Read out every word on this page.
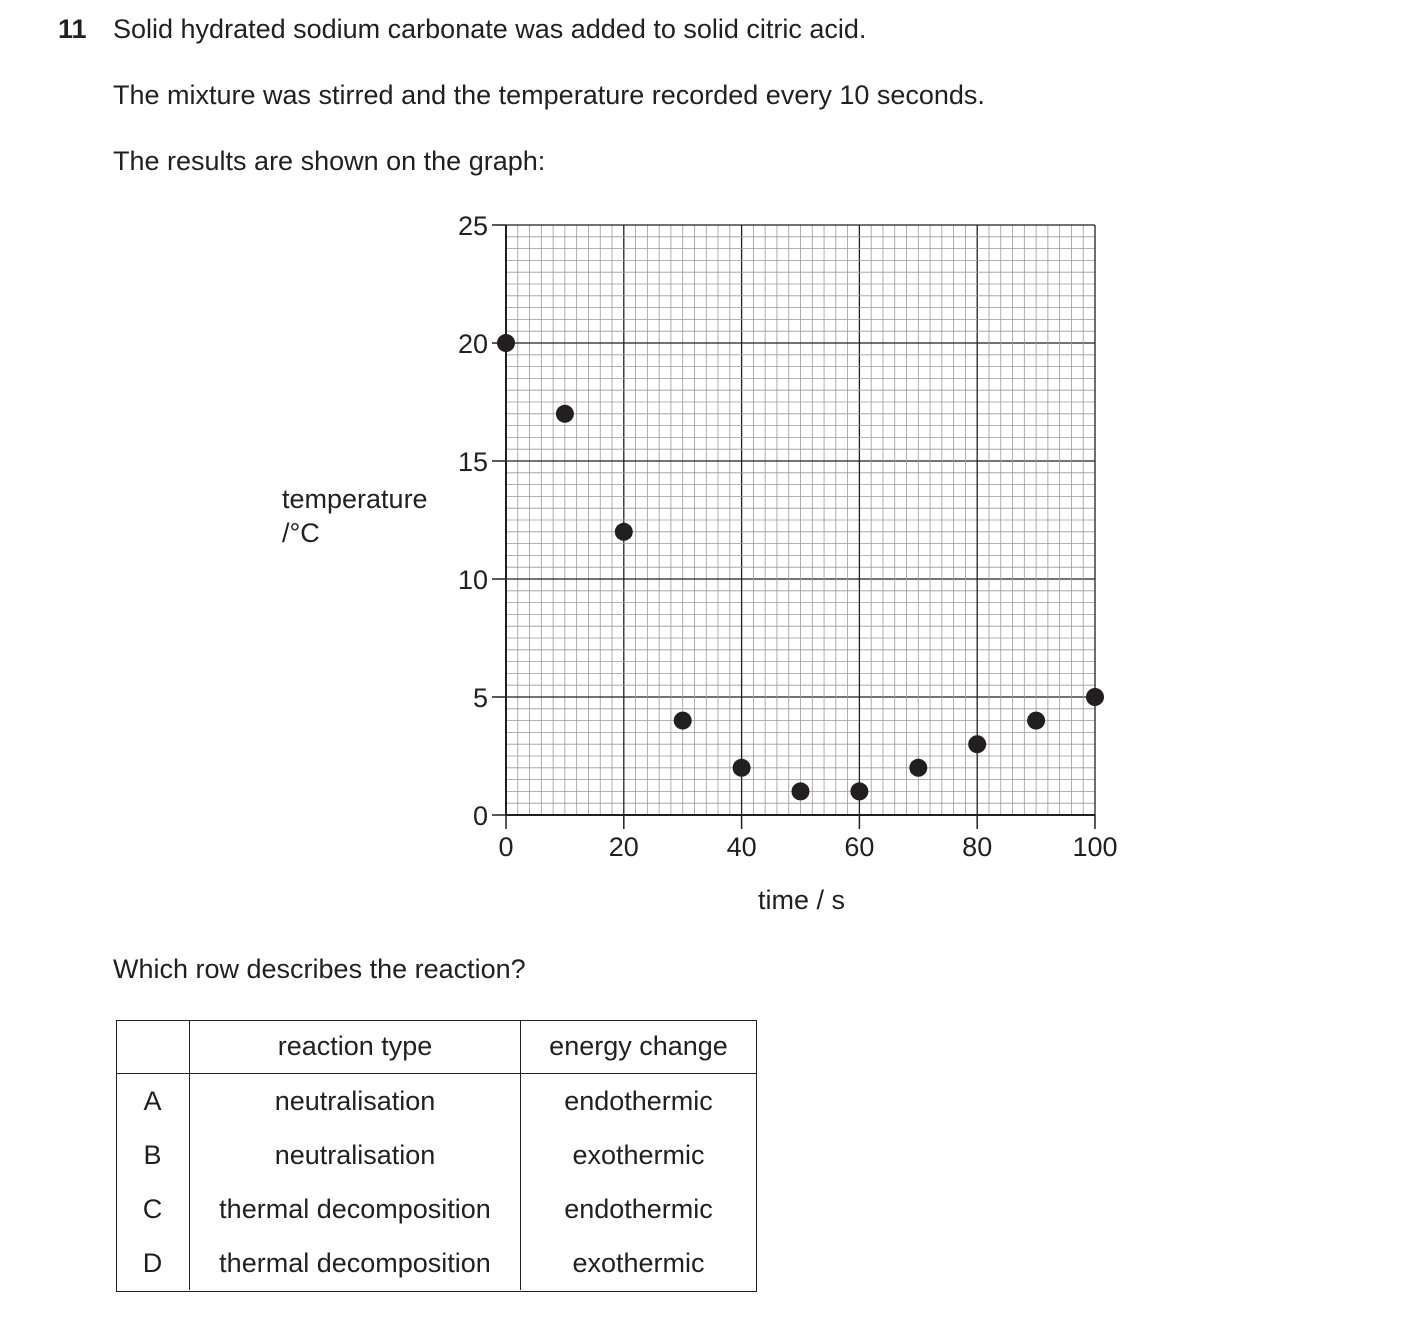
11 Solid hydrated sodium carbonate was added to solid citric acid.
The mixture was stirred and the temperature recorded every 10 seconds.
The results are shown on the graph:
0
5
10
15
20
25
0	20	40	60	80	100
temperature
/°C
time / s
Which row describes the reaction?
	reaction type	energy change
A	neutralisation	endothermic
B	neutralisation	exothermic
C	thermal decomposition	endothermic
D	thermal decomposition	exothermic
